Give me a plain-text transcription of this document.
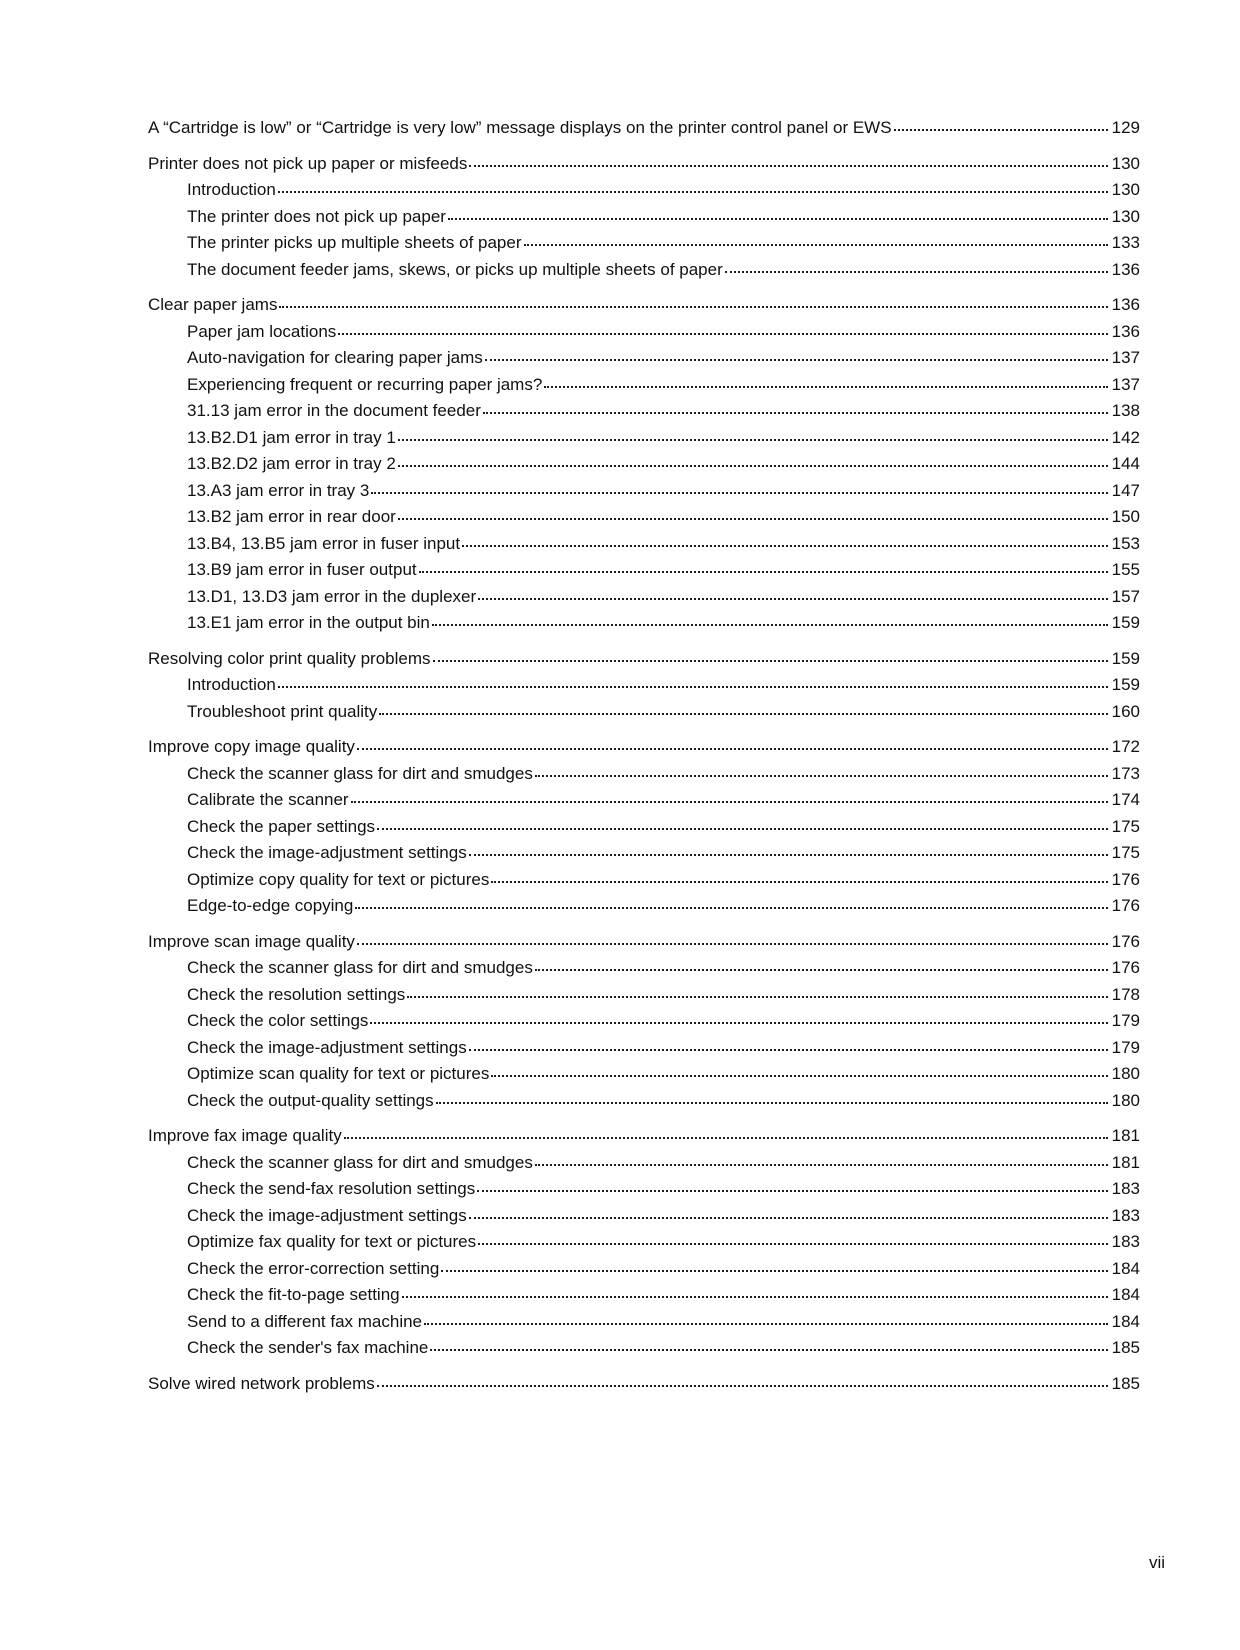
A “Cartridge is low” or “Cartridge is very low” message displays on the printer control panel or EWS	129
Printer does not pick up paper or misfeeds	130
Introduction	130
The printer does not pick up paper	130
The printer picks up multiple sheets of paper	133
The document feeder jams, skews, or picks up multiple sheets of paper	136
Clear paper jams	136
Paper jam locations	136
Auto-navigation for clearing paper jams	137
Experiencing frequent or recurring paper jams?	137
31.13 jam error in the document feeder	138
13.B2.D1 jam error in tray 1	142
13.B2.D2 jam error in tray 2	144
13.A3 jam error in tray 3	147
13.B2 jam error in rear door	150
13.B4, 13.B5 jam error in fuser input	153
13.B9 jam error in fuser output	155
13.D1, 13.D3 jam error in the duplexer	157
13.E1 jam error in the output bin	159
Resolving color print quality problems	159
Introduction	159
Troubleshoot print quality	160
Improve copy image quality	172
Check the scanner glass for dirt and smudges	173
Calibrate the scanner	174
Check the paper settings	175
Check the image-adjustment settings	175
Optimize copy quality for text or pictures	176
Edge-to-edge copying	176
Improve scan image quality	176
Check the scanner glass for dirt and smudges	176
Check the resolution settings	178
Check the color settings	179
Check the image-adjustment settings	179
Optimize scan quality for text or pictures	180
Check the output-quality settings	180
Improve fax image quality	181
Check the scanner glass for dirt and smudges	181
Check the send-fax resolution settings	183
Check the image-adjustment settings	183
Optimize fax quality for text or pictures	183
Check the error-correction setting	184
Check the fit-to-page setting	184
Send to a different fax machine	184
Check the sender's fax machine	185
Solve wired network problems	185
vii
